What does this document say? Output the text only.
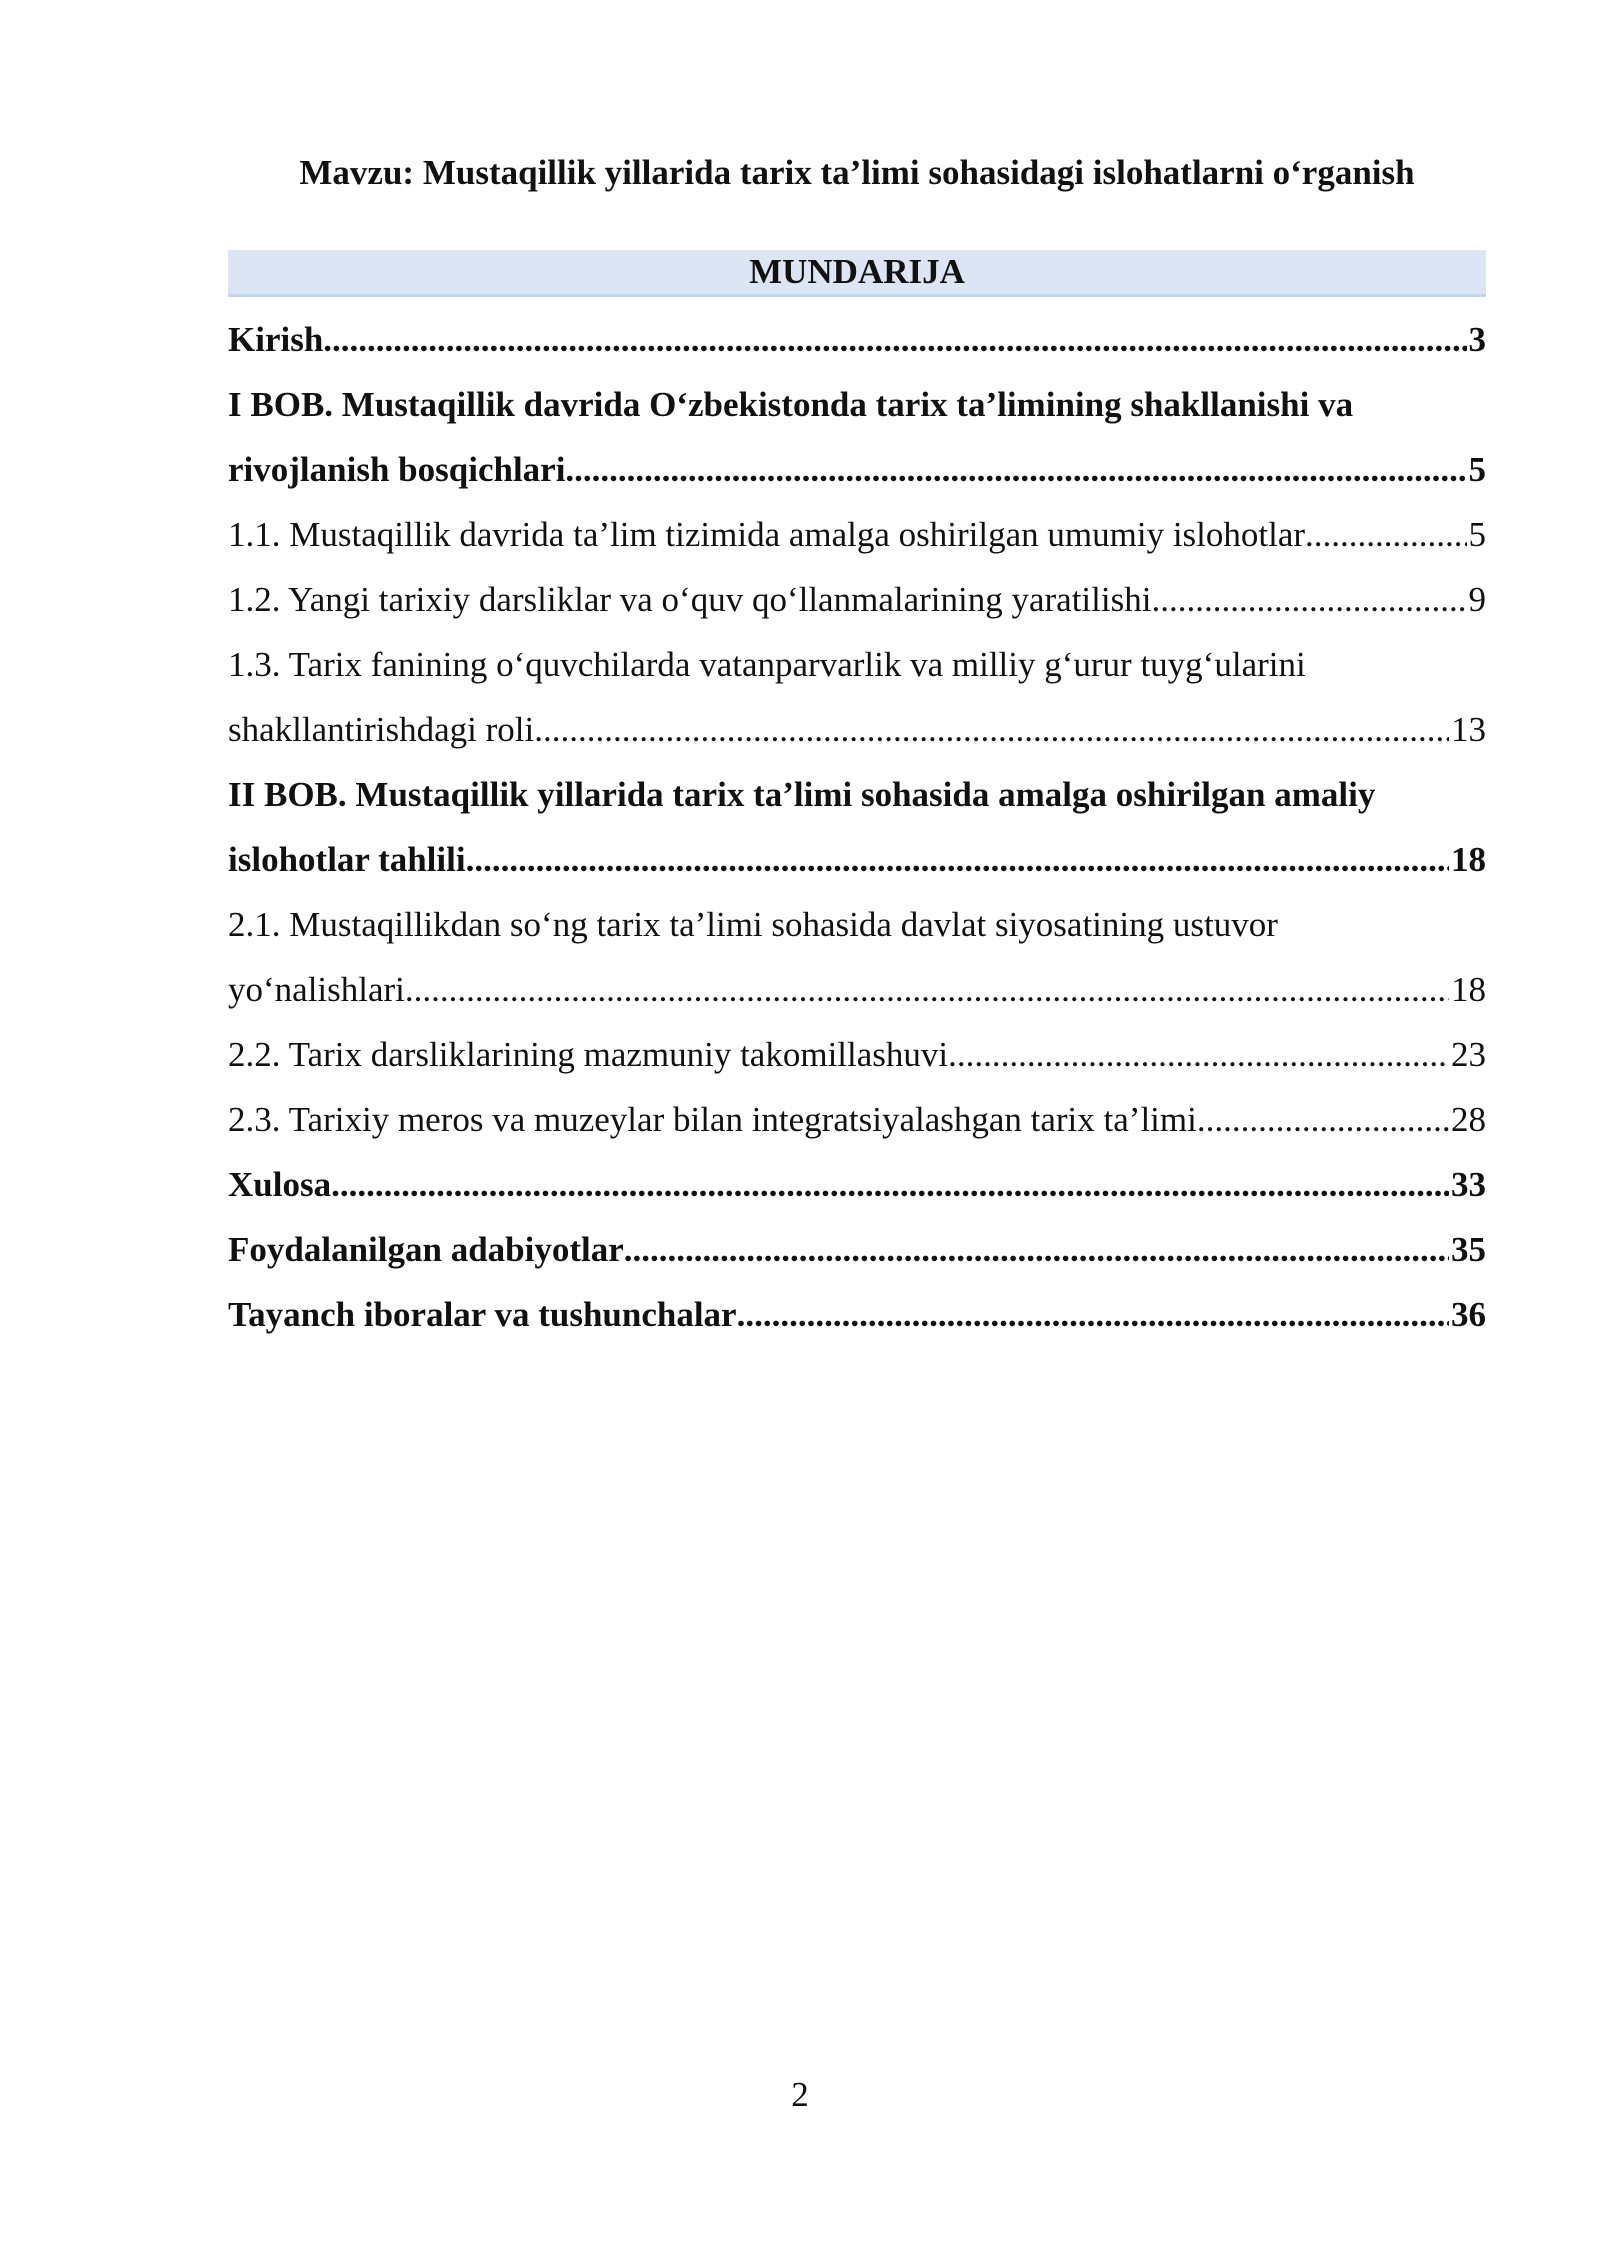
Mavzu: Mustaqillik yillarida tarix ta’limi sohasidagi islohatlarni o‘rganish
MUNDARIJA
Kirish .....	3
I BOB. Mustaqillik davrida O‘zbekistonda tarix ta’limining shakllanishi va
rivojlanish bosqichlari .....	5
1.1. Mustaqillik davrida ta’lim tizimida amalga oshirilgan umumiy islohotlar .....	5
1.2. Yangi tarixiy darsliklar va o‘quv qo‘llanmalarining yaratilishi .....	9
1.3. Tarix fanining o‘quvchilarda vatanparvarlik va milliy g‘urur tuyg‘ularini
shakllantirishdagi roli .....	13
II BOB. Mustaqillik yillarida tarix ta’limi sohasida amalga oshirilgan amaliy
islohotlar tahlili .....	18
2.1. Mustaqillikdan so‘ng tarix ta’limi sohasida davlat siyosatining ustuvor
yo‘nalishlari .....	18
2.2. Tarix darsliklarining mazmuniy takomillashuvi .....	23
2.3. Tarixiy meros va muzeylar bilan integratsiyalashgan tarix ta’limi .....	28
Xulosa .....	33
Foydalanilgan adabiyotlar .....	35
Tayanch iboralar va tushunchalar .....	36
2
